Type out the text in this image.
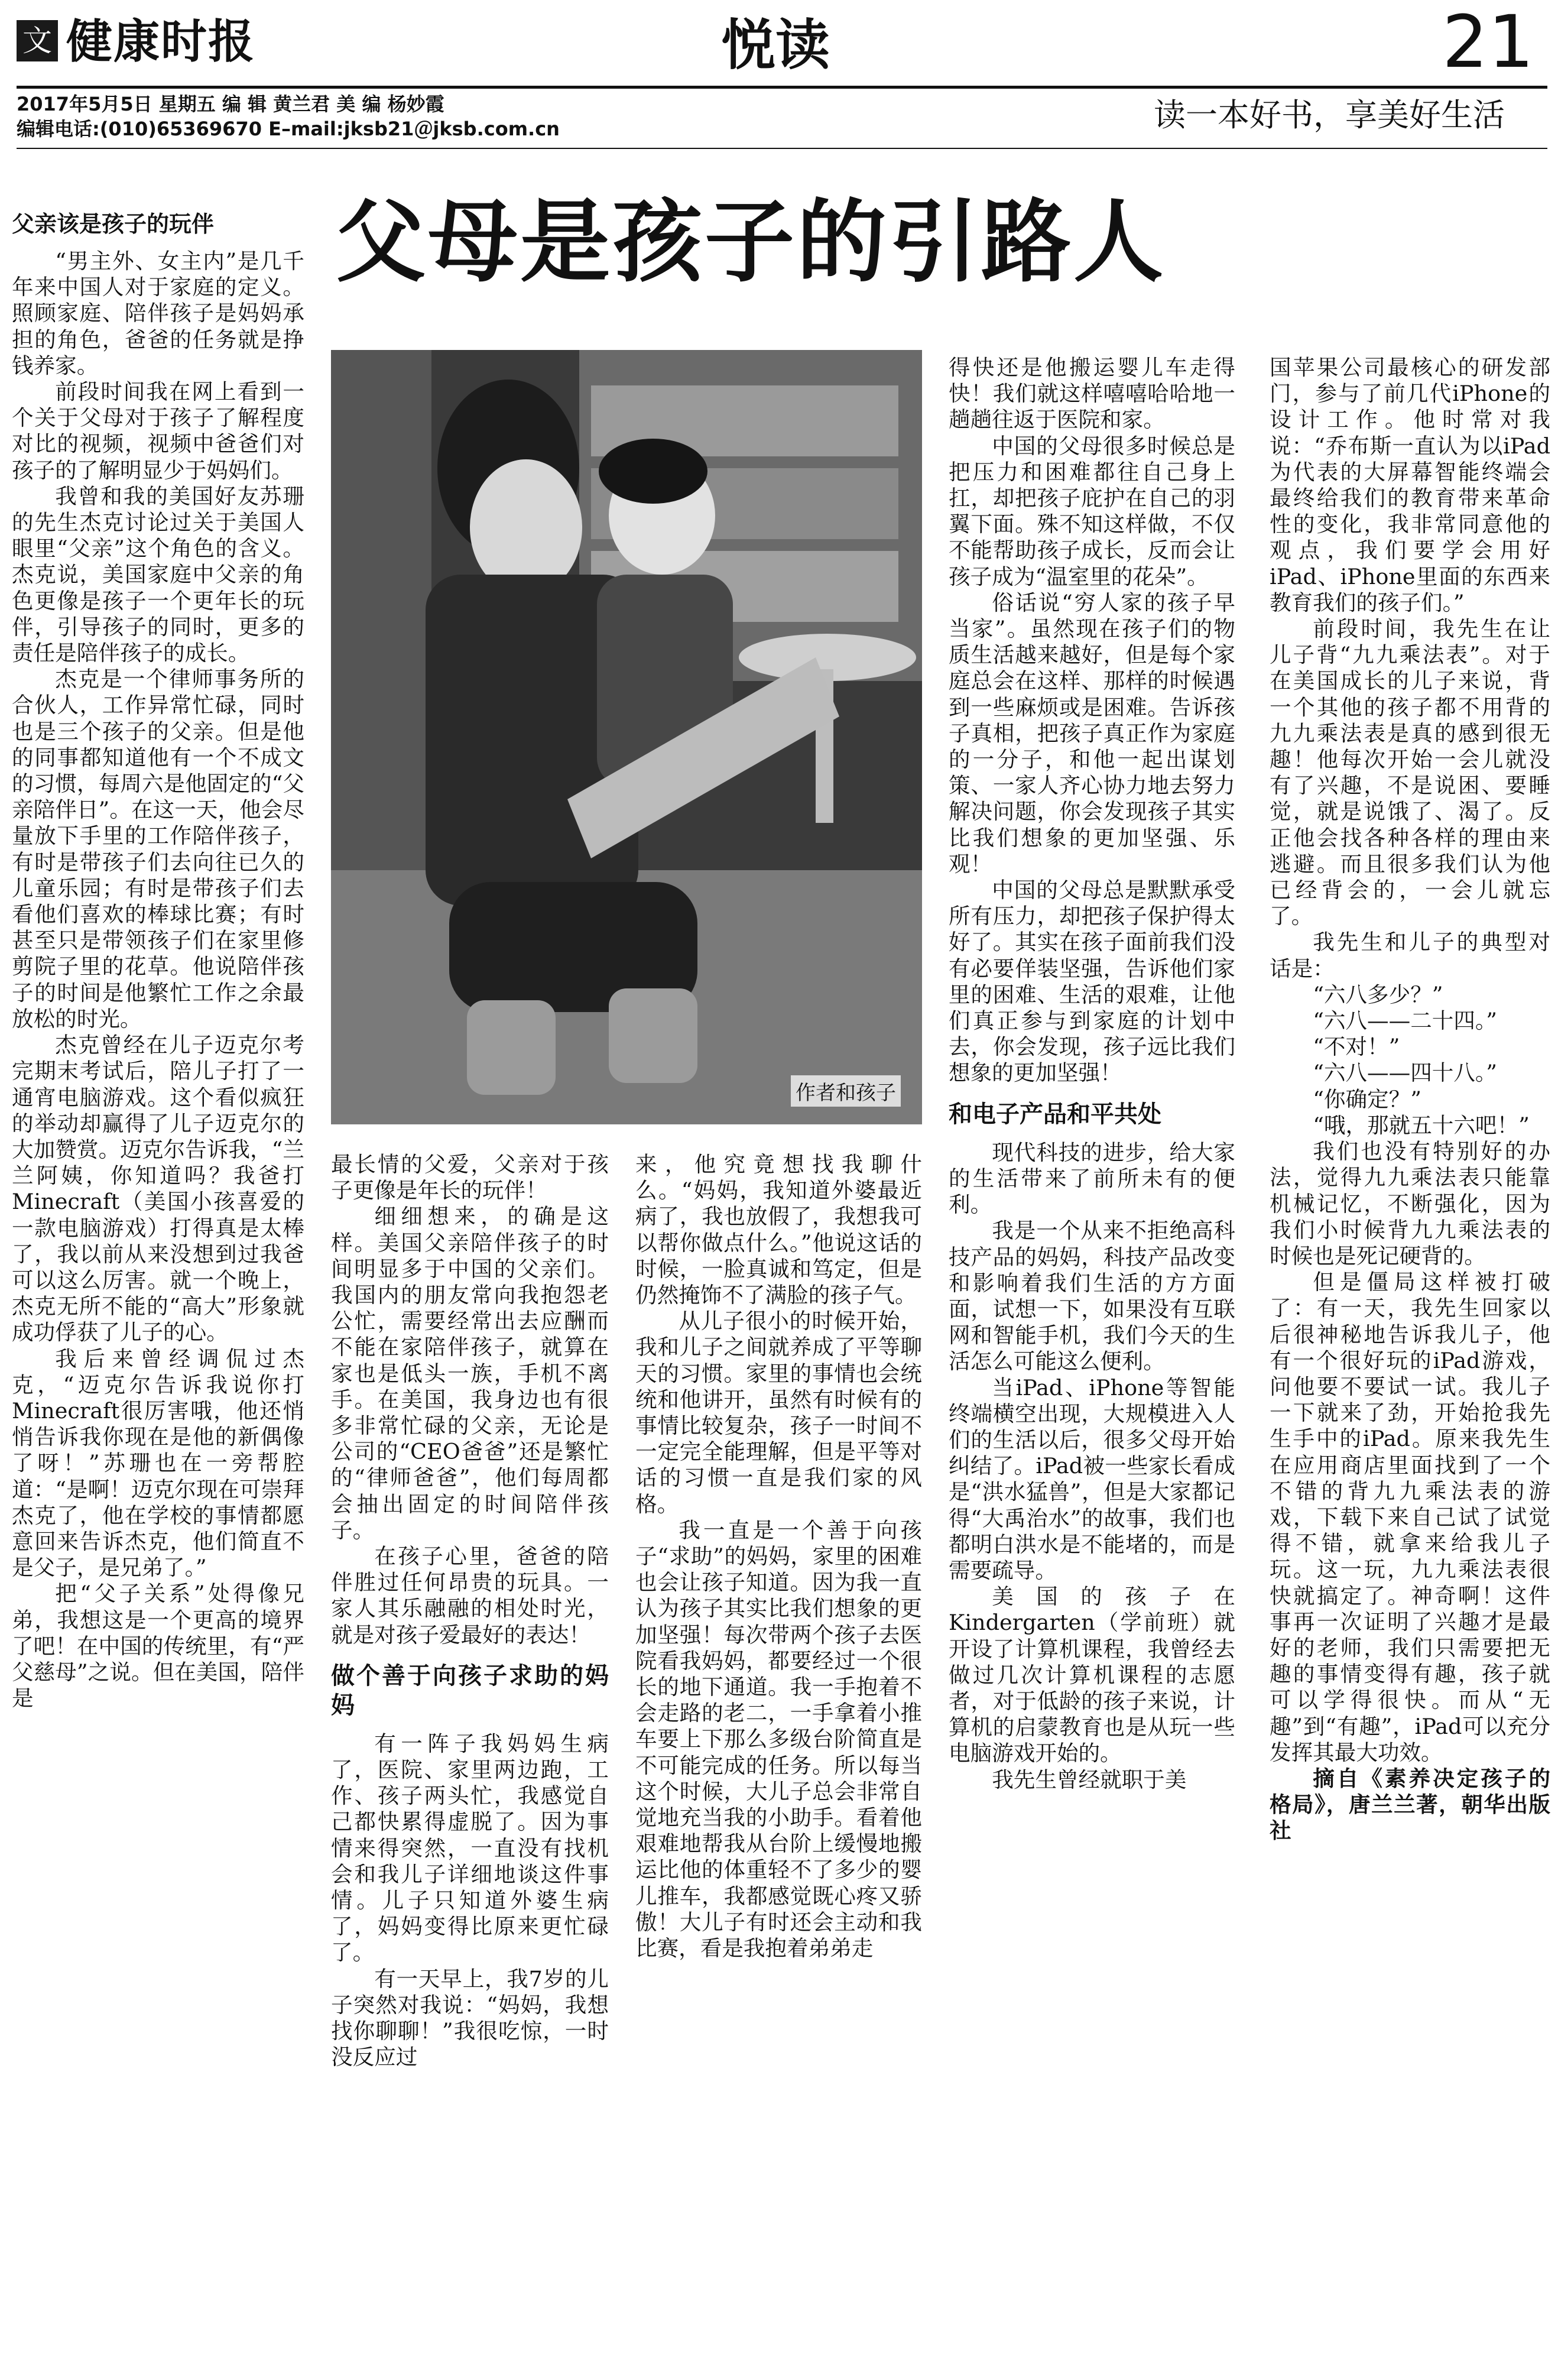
文 健康时报	悦读	21
2017年5月5日 星期五 编 辑 黄兰君 美 编 杨妙霞
编辑电话:(010)65369670 E–mail:jksb21＠jksb.com.cn	读一本好书，享美好生活
父母是孩子的引路人
作者和孩子
父亲该是孩子的玩伴

“男主外、女主内”是几千年来中国人对于家庭的定义。照顾家庭、陪伴孩子是妈妈承担的角色，爸爸的任务就是挣钱养家。

前段时间我在网上看到一个关于父母对于孩子了解程度对比的视频，视频中爸爸们对孩子的了解明显少于妈妈们。

我曾和我的美国好友苏珊的先生杰克讨论过关于美国人眼里“父亲”这个角色的含义。杰克说，美国家庭中父亲的角色更像是孩子一个更年长的玩伴，引导孩子的同时，更多的责任是陪伴孩子的成长。

杰克是一个律师事务所的合伙人，工作异常忙碌，同时也是三个孩子的父亲。但是他的同事都知道他有一个不成文的习惯，每周六是他固定的“父亲陪伴日”。在这一天，他会尽量放下手里的工作陪伴孩子，有时是带孩子们去向往已久的儿童乐园；有时是带孩子们去看他们喜欢的棒球比赛；有时甚至只是带领孩子们在家里修剪院子里的花草。他说陪伴孩子的时间是他繁忙工作之余最放松的时光。

杰克曾经在儿子迈克尔考完期末考试后，陪儿子打了一通宵电脑游戏。这个看似疯狂的举动却赢得了儿子迈克尔的大加赞赏。迈克尔告诉我，“兰兰阿姨，你知道吗？我爸打Minecraft（美国小孩喜爱的一款电脑游戏）打得真是太棒了，我以前从来没想到过我爸可以这么厉害。就一个晚上，杰克无所不能的“高大”形象就成功俘获了儿子的心。

我后来曾经调侃过杰克，“迈克尔告诉我说你打Minecraft很厉害哦，他还悄悄告诉我你现在是他的新偶像了呀！”苏珊也在一旁帮腔道：“是啊！迈克尔现在可崇拜杰克了，他在学校的事情都愿意回来告诉杰克，他们简直不是父子，是兄弟了。”

把“父子关系”处得像兄弟，我想这是一个更高的境界了吧！在中国的传统里，有“严父慈母”之说。但在美国，陪伴是

最长情的父爱，父亲对于孩子更像是年长的玩伴！

细细想来，的确是这样。美国父亲陪伴孩子的时间明显多于中国的父亲们。我国内的朋友常向我抱怨老公忙，需要经常出去应酬而不能在家陪伴孩子，就算在家也是低头一族，手机不离手。在美国，我身边也有很多非常忙碌的父亲，无论是公司的“CEO爸爸”还是繁忙的“律师爸爸”，他们每周都会抽出固定的时间陪伴孩子。

在孩子心里，爸爸的陪伴胜过任何昂贵的玩具。一家人其乐融融的相处时光，就是对孩子爱最好的表达！

做个善于向孩子求助的妈妈

有一阵子我妈妈生病了，医院、家里两边跑，工作、孩子两头忙，我感觉自己都快累得虚脱了。因为事情来得突然，一直没有找机会和我儿子详细地谈这件事情。儿子只知道外婆生病了，妈妈变得比原来更忙碌了。

有一天早上，我7岁的儿子突然对我说：“妈妈，我想找你聊聊！”我很吃惊，一时没反应过

来，他究竟想找我聊什么。“妈妈，我知道外婆最近病了，我也放假了，我想我可以帮你做点什么。”他说这话的时候，一脸真诚和笃定，但是仍然掩饰不了满脸的孩子气。

从儿子很小的时候开始，我和儿子之间就养成了平等聊天的习惯。家里的事情也会统统和他讲开，虽然有时候有的事情比较复杂，孩子一时间不一定完全能理解，但是平等对话的习惯一直是我们家的风格。

我一直是一个善于向孩子“求助”的妈妈，家里的困难也会让孩子知道。因为我一直认为孩子其实比我们想象的更加坚强！每次带两个孩子去医院看我妈妈，都要经过一个很长的地下通道。我一手抱着不会走路的老二，一手拿着小推车要上下那么多级台阶简直是不可能完成的任务。所以每当这个时候，大儿子总会非常自觉地充当我的小助手。看着他艰难地帮我从台阶上缓慢地搬运比他的体重轻不了多少的婴儿推车，我都感觉既心疼又骄傲！大儿子有时还会主动和我比赛，看是我抱着弟弟走

得快还是他搬运婴儿车走得快！我们就这样嘻嘻哈哈地一趟趟往返于医院和家。

中国的父母很多时候总是把压力和困难都往自己身上扛，却把孩子庇护在自己的羽翼下面。殊不知这样做，不仅不能帮助孩子成长，反而会让孩子成为“温室里的花朵”。

俗话说“穷人家的孩子早当家”。虽然现在孩子们的物质生活越来越好，但是每个家庭总会在这样、那样的时候遇到一些麻烦或是困难。告诉孩子真相，把孩子真正作为家庭的一分子，和他一起出谋划策、一家人齐心协力地去努力解决问题，你会发现孩子其实比我们想象的更加坚强、乐观！

中国的父母总是默默承受所有压力，却把孩子保护得太好了。其实在孩子面前我们没有必要佯装坚强，告诉他们家里的困难、生活的艰难，让他们真正参与到家庭的计划中去，你会发现，孩子远比我们想象的更加坚强！

和电子产品和平共处

现代科技的进步，给大家的生活带来了前所未有的便利。

我是一个从来不拒绝高科技产品的妈妈，科技产品改变和影响着我们生活的方方面面，试想一下，如果没有互联网和智能手机，我们今天的生活怎么可能这么便利。

当iPad、iPhone等智能终端横空出现，大规模进入人们的生活以后，很多父母开始纠结了。iPad被一些家长看成是“洪水猛兽”，但是大家都记得“大禹治水”的故事，我们也都明白洪水是不能堵的，而是需要疏导。

美国的孩子在Kindergarten（学前班）就开设了计算机课程，我曾经去做过几次计算机课程的志愿者，对于低龄的孩子来说，计算机的启蒙教育也是从玩一些电脑游戏开始的。

我先生曾经就职于美

国苹果公司最核心的研发部门，参与了前几代iPhone的设计工作。他时常对我说：“乔布斯一直认为以iPad为代表的大屏幕智能终端会最终给我们的教育带来革命性的变化，我非常同意他的观点，我们要学会用好iPad、iPhone里面的东西来教育我们的孩子们。”

前段时间，我先生在让儿子背“九九乘法表”。对于在美国成长的儿子来说，背一个其他的孩子都不用背的九九乘法表是真的感到很无趣！他每次开始一会儿就没有了兴趣，不是说困、要睡觉，就是说饿了、渴了。反正他会找各种各样的理由来逃避。而且很多我们认为他已经背会的，一会儿就忘了。

我先生和儿子的典型对话是：

“六八多少？”

“六八——二十四。”

“不对！”

“六八——四十八。”

“你确定？”

“哦，那就五十六吧！”

我们也没有特别好的办法，觉得九九乘法表只能靠机械记忆，不断强化，因为我们小时候背九九乘法表的时候也是死记硬背的。

但是僵局这样被打破了：有一天，我先生回家以后很神秘地告诉我儿子，他有一个很好玩的iPad游戏，问他要不要试一试。我儿子一下就来了劲，开始抢我先生手中的iPad。原来我先生在应用商店里面找到了一个不错的背九九乘法表的游戏，下载下来自己试了试觉得不错，就拿来给我儿子玩。这一玩，九九乘法表很快就搞定了。神奇啊！这件事再一次证明了兴趣才是最好的老师，我们只需要把无趣的事情变得有趣，孩子就可以学得很快。而从“无趣”到“有趣”，iPad可以充分发挥其最大功效。

摘自《素养决定孩子的格局》，唐兰兰著，朝华出版社
